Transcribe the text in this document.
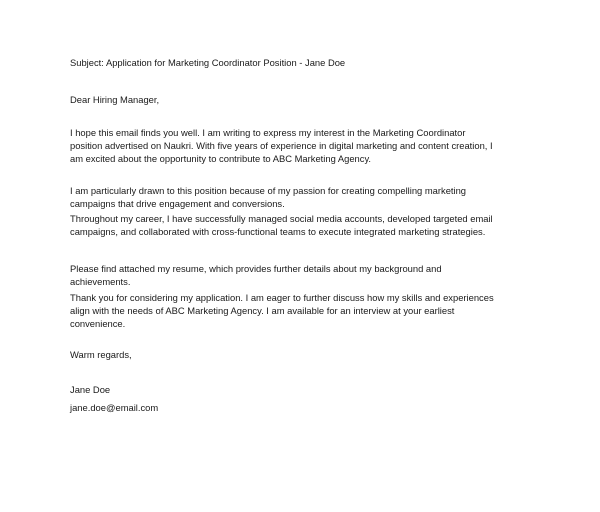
Subject: Application for Marketing Coordinator Position - Jane Doe

Dear Hiring Manager,

I hope this email finds you well. I am writing to express my interest in the Marketing Coordinator
position advertised on Naukri. With five years of experience in digital marketing and content creation, I
am excited about the opportunity to contribute to ABC Marketing Agency.
I am particularly drawn to this position because of my passion for creating compelling marketing
campaigns that drive engagement and conversions.
Throughout my career, I have successfully managed social media accounts, developed targeted email
campaigns, and collaborated with cross-functional teams to execute integrated marketing strategies.
Please find attached my resume, which provides further details about my background and
achievements.
Thank you for considering my application. I am eager to further discuss how my skills and experiences
align with the needs of ABC Marketing Agency. I am available for an interview at your earliest
convenience.

Warm regards,

Jane Doe

jane.doe@email.com
